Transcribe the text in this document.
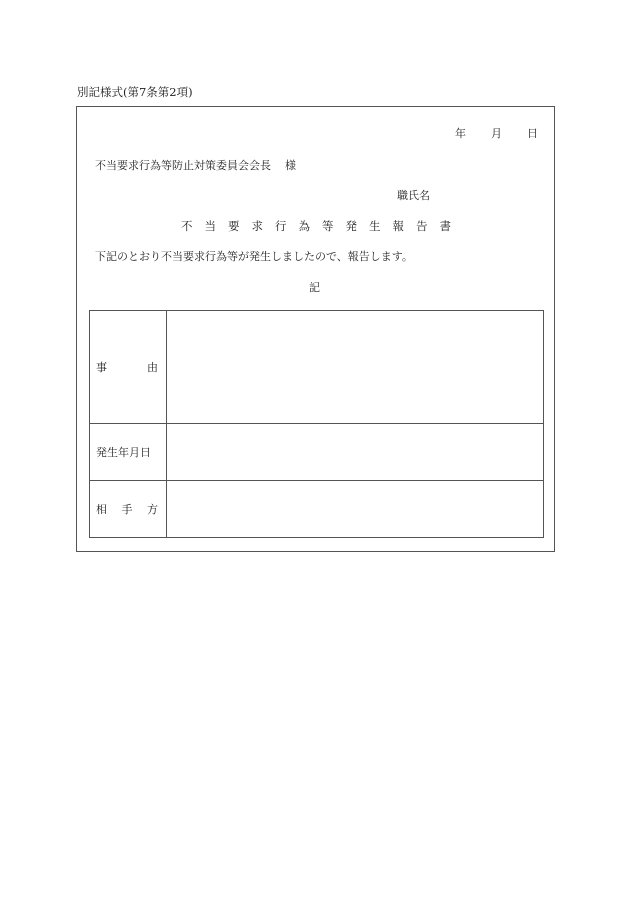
別記様式(第7条第2項)
年	月	日
不当要求行為等防止対策委員会会長 様
職氏名
不当要求行為等発生報告書
下記のとおり不当要求行為等が発生しましたので、報告します。
記
事 由	

発生年月日	

相 手 方	
